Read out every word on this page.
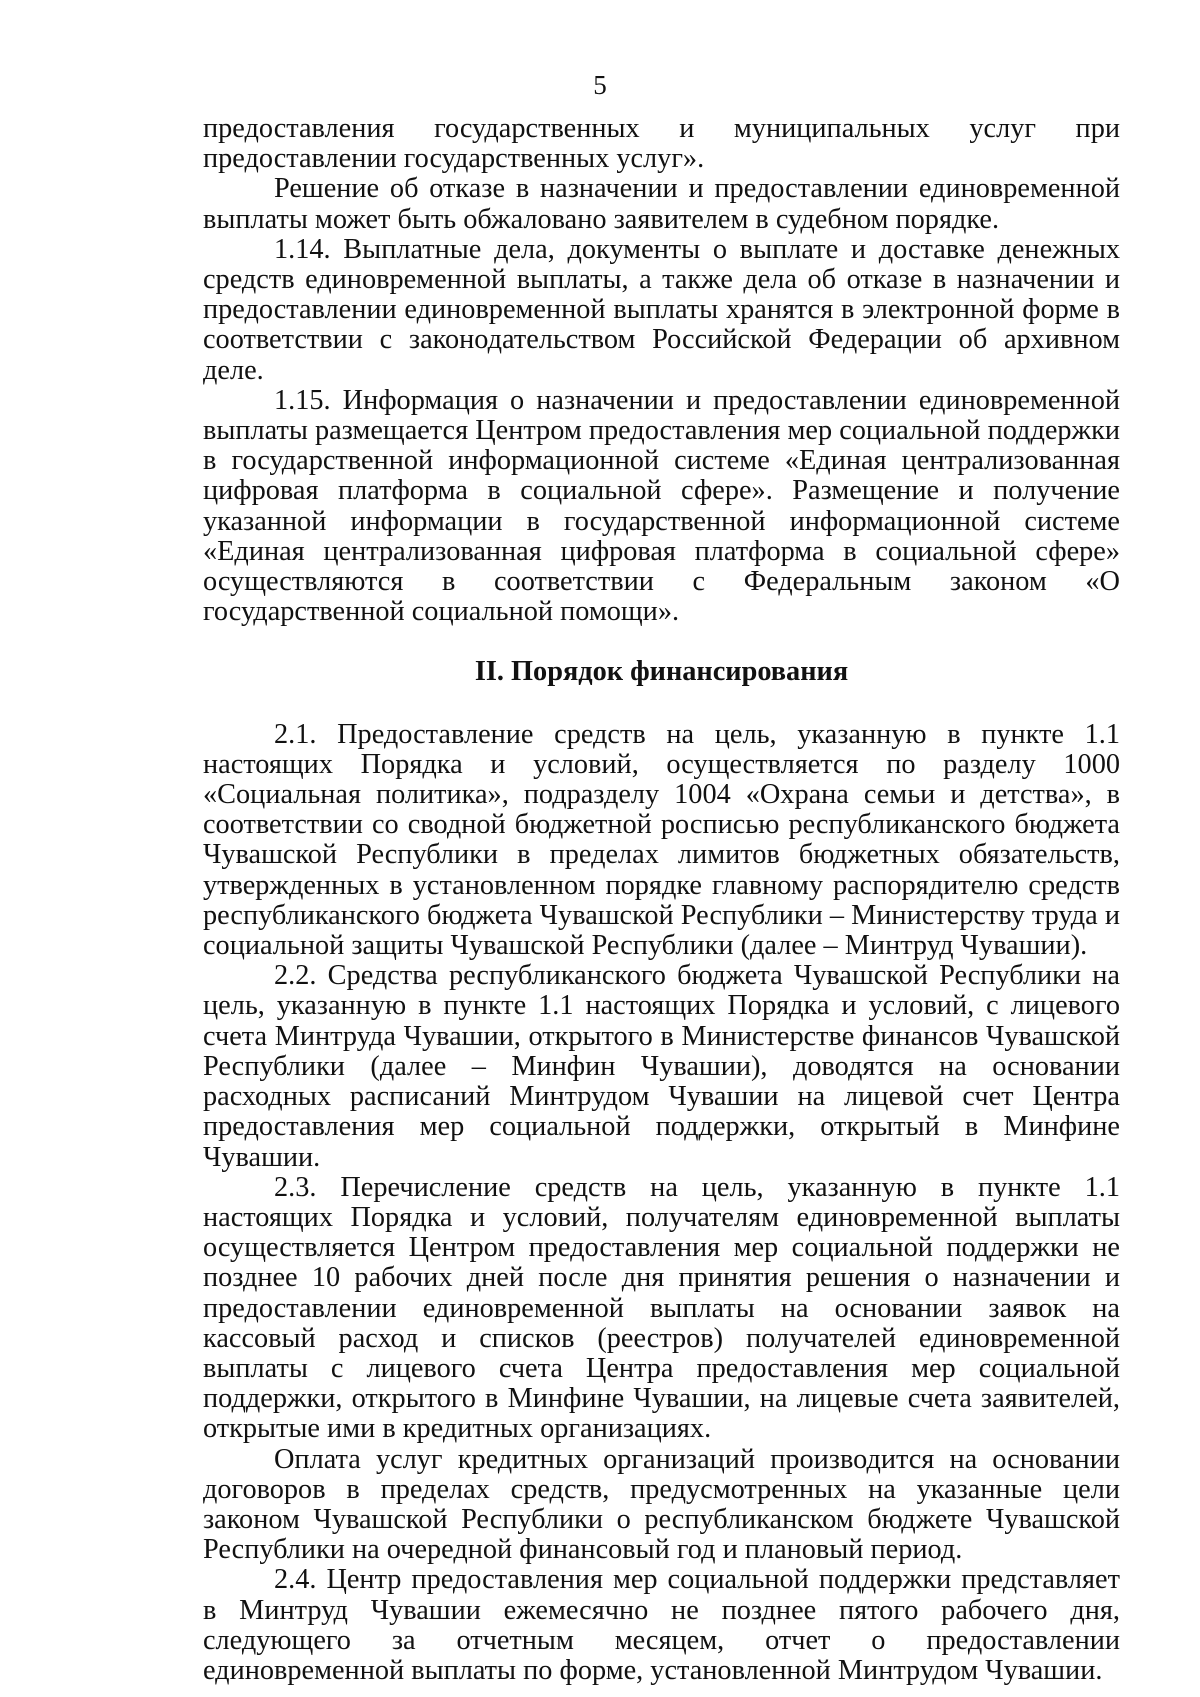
5

предоставления государственных и муниципальных услуг при предоставлении государственных услуг».

Решение об отказе в назначении и предоставлении единовременной выплаты может быть обжаловано заявителем в судебном порядке.

1.14. Выплатные дела, документы о выплате и доставке денежных средств единовременной выплаты, а также дела об отказе в назначении и предоставлении единовременной выплаты хранятся в электронной форме в соответствии с законодательством Российской Федерации об архивном деле.

1.15. Информация о назначении и предоставлении единовременной выплаты размещается Центром предоставления мер социальной поддержки в государственной информационной системе «Единая централизованная цифровая платформа в социальной сфере». Размещение и получение указанной информации в государственной информационной системе «Единая централизованная цифровая платформа в социальной сфере» осуществляются в соответствии с Федеральным законом «О государственной социальной помощи».

II. Порядок финансирования

2.1. Предоставление средств на цель, указанную в пункте 1.1 настоящих Порядка и условий, осуществляется по разделу 1000 «Социальная политика», подразделу 1004 «Охрана семьи и детства», в соответствии со сводной бюджетной росписью республиканского бюджета Чувашской Республики в пределах лимитов бюджетных обязательств, утвержденных в установленном порядке главному распорядителю средств республиканского бюджета Чувашской Республики – Министерству труда и социальной защиты Чувашской Республики (далее – Минтруд Чувашии).

2.2. Средства республиканского бюджета Чувашской Республики на цель, указанную в пункте 1.1 настоящих Порядка и условий, с лицевого счета Минтруда Чувашии, открытого в Министерстве финансов Чувашской Республики (далее – Минфин Чувашии), доводятся на основании расходных расписаний Минтрудом Чувашии на лицевой счет Центра предоставления мер социальной поддержки, открытый в Минфине Чувашии.

2.3. Перечисление средств на цель, указанную в пункте 1.1 настоящих Порядка и условий, получателям единовременной выплаты осуществляется Центром предоставления мер социальной поддержки не позднее 10 рабочих дней после дня принятия решения о назначении и предоставлении единовременной выплаты на основании заявок на кассовый расход и списков (реестров) получателей единовременной выплаты с лицевого счета Центра предоставления мер социальной поддержки, открытого в Минфине Чувашии, на лицевые счета заявителей, открытые ими в кредитных организациях.

Оплата услуг кредитных организаций производится на основании договоров в пределах средств, предусмотренных на указанные цели законом Чувашской Республики о республиканском бюджете Чувашской Республики на очередной финансовый год и плановый период.

2.4. Центр предоставления мер социальной поддержки представляет в Минтруд Чувашии ежемесячно не позднее пятого рабочего дня, следующего за отчетным месяцем, отчет о предоставлении единовременной выплаты по форме, установленной Минтрудом Чувашии.
